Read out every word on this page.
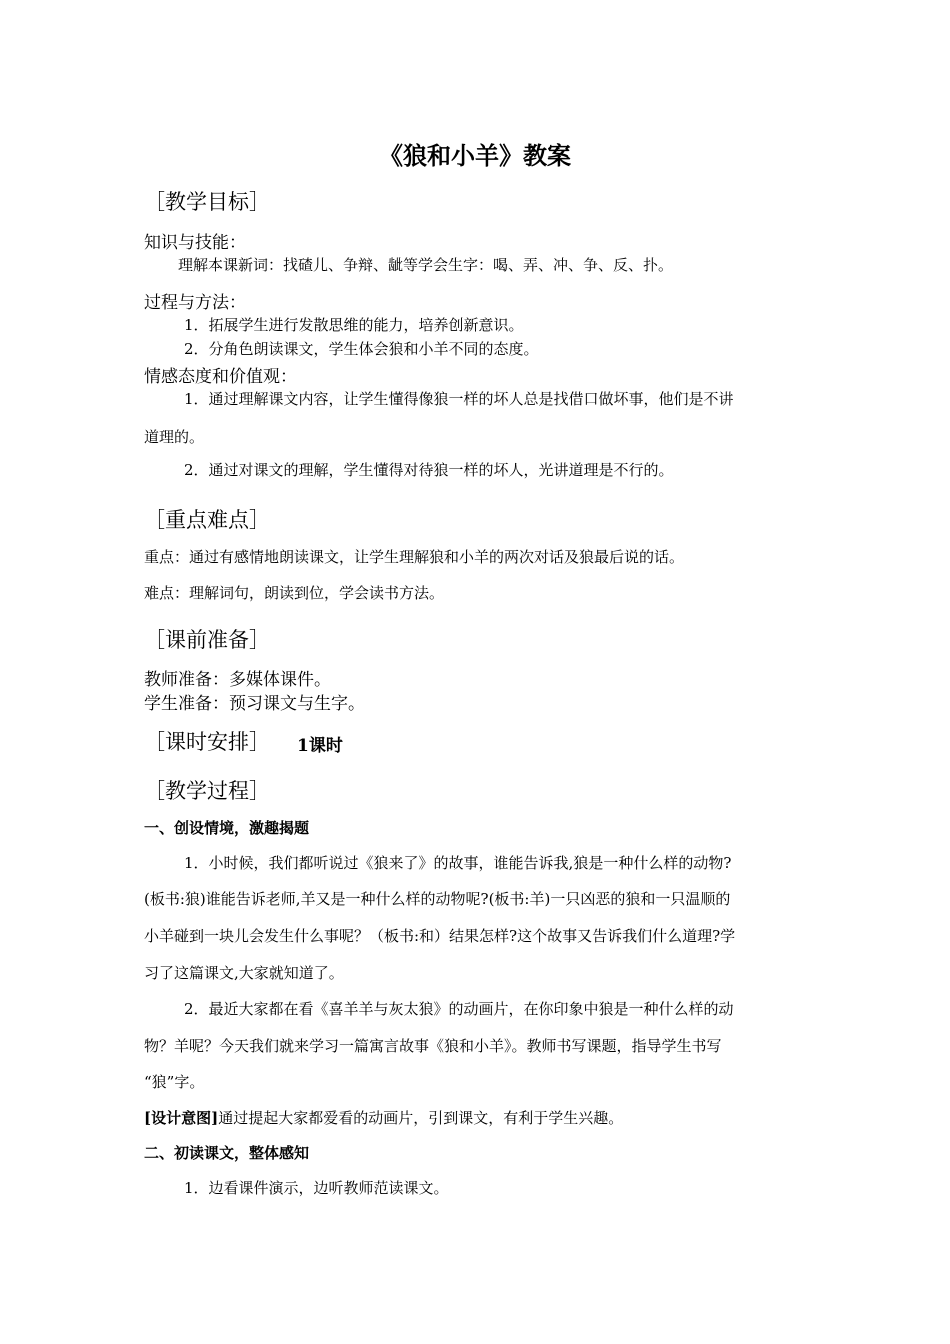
《狼和小羊》教案
［教学目标］
知识与技能：
理解本课新词：找碴儿、争辩、龇等学会生字：喝、弄、冲、争、反、扑。
过程与方法：
1．拓展学生进行发散思维的能力，培养创新意识。
2．分角色朗读课文，学生体会狼和小羊不同的态度。
情感态度和价值观：
1．通过理解课文内容，让学生懂得像狼一样的坏人总是找借口做坏事，他们是不讲
道理的。
2．通过对课文的理解，学生懂得对待狼一样的坏人，光讲道理是不行的。
［重点难点］
重点：通过有感情地朗读课文，让学生理解狼和小羊的两次对话及狼最后说的话。
难点：理解词句，朗读到位，学会读书方法。
［课前准备］
教师准备：多媒体课件。
学生准备：预习课文与生字。
［课时安排］ 1课时
［教学过程］
一、创设情境，激趣揭题
1．小时候，我们都听说过《狼来了》的故事，谁能告诉我,狼是一种什么样的动物?
(板书:狼)谁能告诉老师,羊又是一种什么样的动物呢?(板书:羊)一只凶恶的狼和一只温顺的
小羊碰到一块儿会发生什么事呢？（板书:和）结果怎样?这个故事又告诉我们什么道理?学
习了这篇课文,大家就知道了。
2．最近大家都在看《喜羊羊与灰太狼》的动画片，在你印象中狼是一种什么样的动
物？羊呢？今天我们就来学习一篇寓言故事《狼和小羊》。教师书写课题，指导学生书写
“狼”字。
[设计意图]通过提起大家都爱看的动画片，引到课文，有利于学生兴趣。
二、初读课文，整体感知
1．边看课件演示，边听教师范读课文。
